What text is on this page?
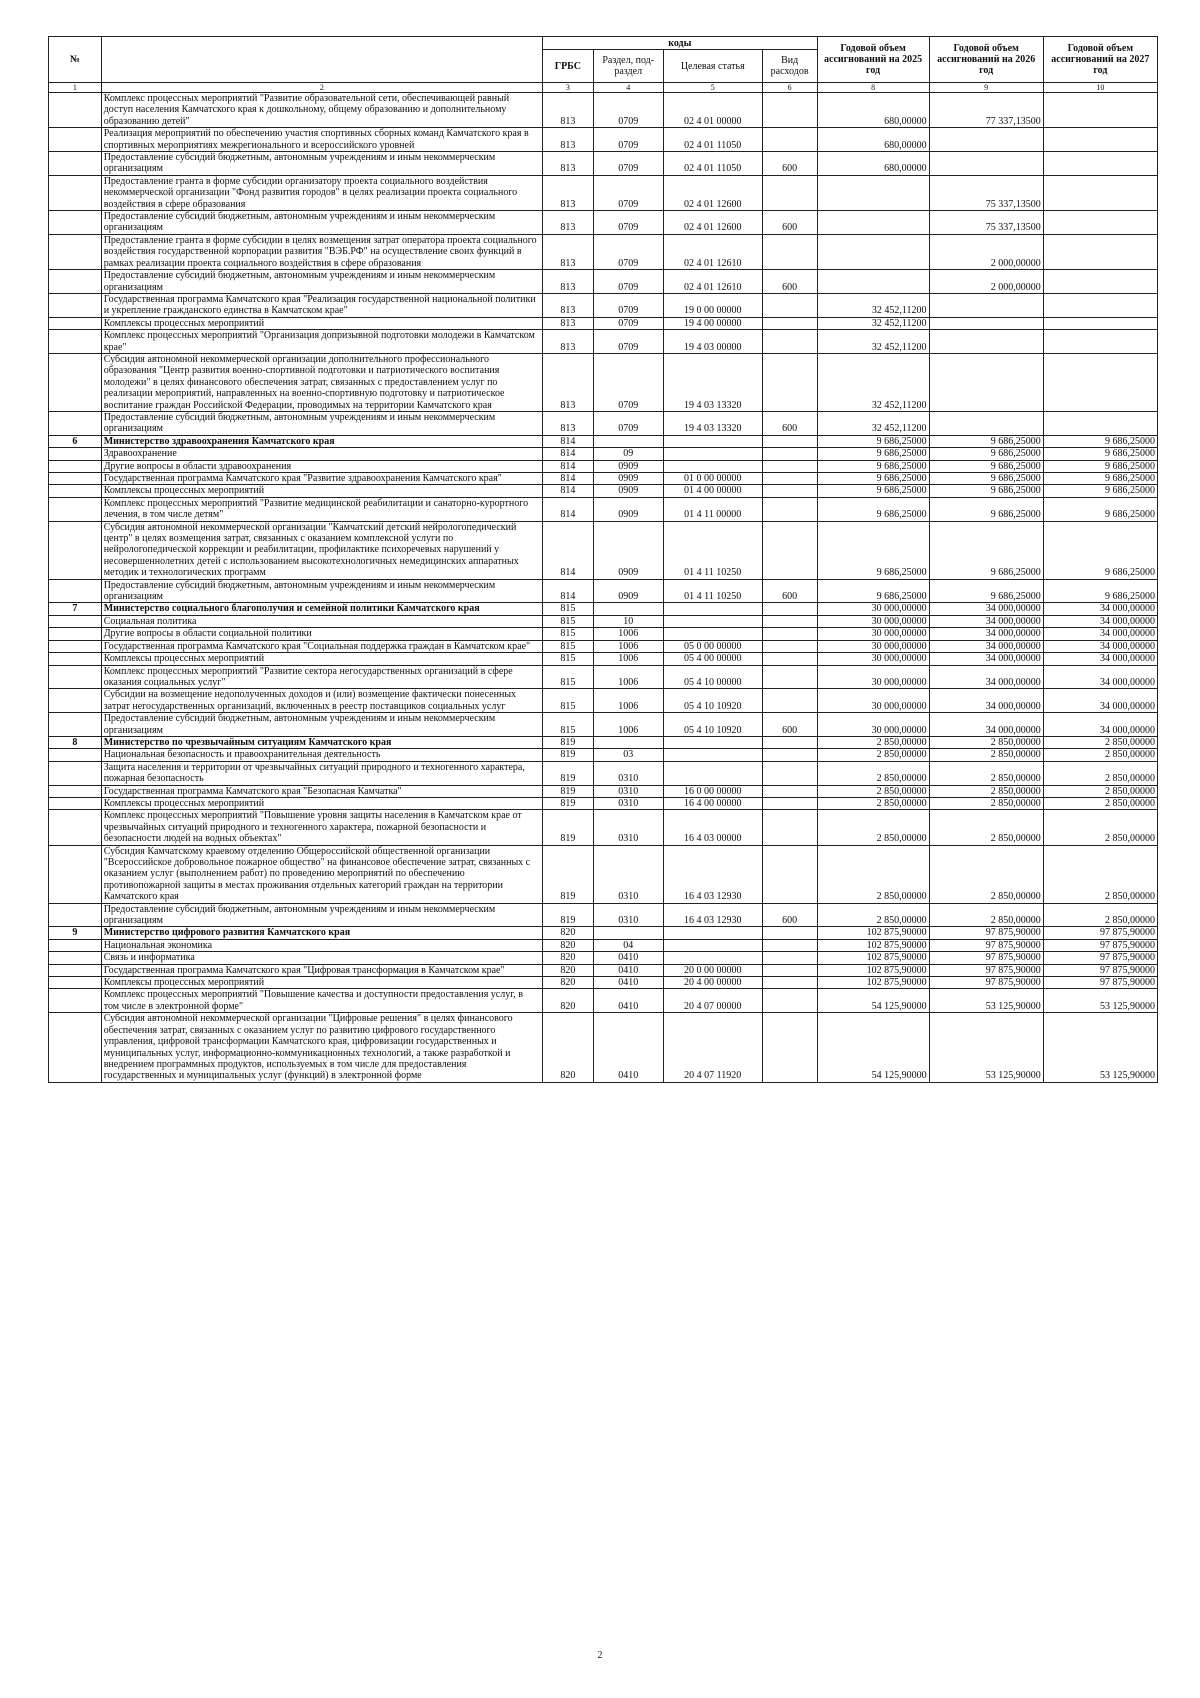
№		коды				Годовой объем ассигнований на 2025 год	Годовой объем ассигнований на 2026 год	Годовой объем ассигнований на 2027 год
		ГРБС	Раздел, под-раздел	Целевая статья	Вид расходов			
1	2	3	4	5	6	8	9	10
	Комплекс процессных мероприятий "Развитие образовательной сети, обеспечивающей равный доступ населения Камчатского края к дошкольному, общему образованию и дополнительному образованию детей"	813	0709	02 4 01 00000		680,00000	77 337,13500	
	Реализация мероприятий по обеспечению участия спортивных сборных команд Камчатского края в спортивных мероприятиях межрегионального и всероссийского уровней	813	0709	02 4 01 11050		680,00000		
	Предоставление субсидий бюджетным, автономным учреждениям и иным некоммерческим организациям	813	0709	02 4 01 11050	600	680,00000		
	Предоставление гранта в форме субсидии организатору проекта социального воздействия некоммерческой организации "Фонд развития городов" в целях реализации проекта социального воздействия в сфере образования	813	0709	02 4 01 12600			75 337,13500	
	Предоставление субсидий бюджетным, автономным учреждениям и иным некоммерческим организациям	813	0709	02 4 01 12600	600		75 337,13500	
	Предоставление гранта в форме субсидии в целях возмещения затрат оператора проекта социального воздействия государственной корпорации развития "ВЭБ.РФ" на осуществление своих функций в рамках реализации проекта социального воздействия в сфере образования	813	0709	02 4 01 12610			2 000,00000	
	Предоставление субсидий бюджетным, автономным учреждениям и иным некоммерческим организациям	813	0709	02 4 01 12610	600		2 000,00000	
	Государственная программа Камчатского края "Реализация государственной национальной политики и укрепление гражданского единства в Камчатском крае"	813	0709	19 0 00 00000		32 452,11200		
	Комплексы процессных мероприятий	813	0709	19 4 00 00000		32 452,11200		
	Комплекс процессных мероприятий "Организация допризывной подготовки молодежи в Камчатском крае"	813	0709	19 4 03 00000		32 452,11200		
	Субсидия автономной некоммерческой организации дополнительного профессионального образования "Центр развития военно-спортивной подготовки и патриотического воспитания молодежи" в целях финансового обеспечения затрат, связанных с предоставлением услуг по реализации мероприятий, направленных на военно-спортивную подготовку и патриотическое воспитание граждан Российской Федерации, проводимых на территории Камчатского края	813	0709	19 4 03 13320		32 452,11200		
	Предоставление субсидий бюджетным, автономным учреждениям и иным некоммерческим организациям	813	0709	19 4 03 13320	600	32 452,11200		
6	Министерство здравоохранения Камчатского края	814				9 686,25000	9 686,25000	9 686,25000
	Здравоохранение	814	09			9 686,25000	9 686,25000	9 686,25000
	Другие вопросы в области здравоохранения	814	0909			9 686,25000	9 686,25000	9 686,25000
	Государственная программа Камчатского края "Развитие здравоохранения Камчатского края"	814	0909	01 0 00 00000		9 686,25000	9 686,25000	9 686,25000
	Комплексы процессных мероприятий	814	0909	01 4 00 00000		9 686,25000	9 686,25000	9 686,25000
	Комплекс процессных мероприятий "Развитие медицинской реабилитации и санаторно-курортного лечения, в том числе детям"	814	0909	01 4 11 00000		9 686,25000	9 686,25000	9 686,25000
	Субсидия автономной некоммерческой организации "Камчатский детский нейрологопедический центр" в целях возмещения затрат, связанных с оказанием комплексной услуги по нейрологопедической коррекции и реабилитации, профилактике психоречевых нарушений у несовершеннолетних детей с использованием высокотехнологичных немедицинских аппаратных методик и технологических программ	814	0909	01 4 11 10250		9 686,25000	9 686,25000	9 686,25000
	Предоставление субсидий бюджетным, автономным учреждениям и иным некоммерческим организациям	814	0909	01 4 11 10250	600	9 686,25000	9 686,25000	9 686,25000
7	Министерство социального благополучия и семейной политики Камчатского края	815				30 000,00000	34 000,00000	34 000,00000
	Социальная политика	815	10			30 000,00000	34 000,00000	34 000,00000
	Другие вопросы в области социальной политики	815	1006			30 000,00000	34 000,00000	34 000,00000
	Государственная программа Камчатского края "Социальная поддержка граждан в Камчатском крае"	815	1006	05 0 00 00000		30 000,00000	34 000,00000	34 000,00000
	Комплексы процессных мероприятий	815	1006	05 4 00 00000		30 000,00000	34 000,00000	34 000,00000
	Комплекс процессных мероприятий "Развитие сектора негосударственных организаций в сфере оказания социальных услуг"	815	1006	05 4 10 00000		30 000,00000	34 000,00000	34 000,00000
	Субсидии на возмещение недополученных доходов и (или) возмещение фактически понесенных затрат негосударственных организаций, включенных в реестр поставщиков социальных услуг	815	1006	05 4 10 10920		30 000,00000	34 000,00000	34 000,00000
	Предоставление субсидий бюджетным, автономным учреждениям и иным некоммерческим организациям	815	1006	05 4 10 10920	600	30 000,00000	34 000,00000	34 000,00000
8	Министерство по чрезвычайным ситуациям Камчатского края	819				2 850,00000	2 850,00000	2 850,00000
	Национальная безопасность и правоохранительная деятельность	819	03			2 850,00000	2 850,00000	2 850,00000
	Защита населения и территории от чрезвычайных ситуаций природного и техногенного характера, пожарная безопасность	819	0310			2 850,00000	2 850,00000	2 850,00000
	Государственная программа Камчатского края "Безопасная Камчатка"	819	0310	16 0 00 00000		2 850,00000	2 850,00000	2 850,00000
	Комплексы процессных мероприятий	819	0310	16 4 00 00000		2 850,00000	2 850,00000	2 850,00000
	Комплекс процессных мероприятий "Повышение уровня защиты населения в Камчатском крае от чрезвычайных ситуаций природного и техногенного характера, пожарной безопасности и безопасности людей на водных объектах"	819	0310	16 4 03 00000		2 850,00000	2 850,00000	2 850,00000
	Субсидия Камчатскому краевому отделению Общероссийской общественной организации "Всероссийское добровольное пожарное общество" на финансовое обеспечение затрат, связанных с оказанием услуг (выполнением работ) по проведению мероприятий по обеспечению противопожарной защиты в местах проживания отдельных категорий граждан на территории Камчатского края	819	0310	16 4 03 12930		2 850,00000	2 850,00000	2 850,00000
	Предоставление субсидий бюджетным, автономным учреждениям и иным некоммерческим организациям	819	0310	16 4 03 12930	600	2 850,00000	2 850,00000	2 850,00000
9	Министерство цифрового развития Камчатского края	820				102 875,90000	97 875,90000	97 875,90000
	Национальная экономика	820	04			102 875,90000	97 875,90000	97 875,90000
	Связь и информатика	820	0410			102 875,90000	97 875,90000	97 875,90000
	Государственная программа Камчатского края "Цифровая трансформация в Камчатском крае"	820	0410	20 0 00 00000		102 875,90000	97 875,90000	97 875,90000
	Комплексы процессных мероприятий	820	0410	20 4 00 00000		102 875,90000	97 875,90000	97 875,90000
	Комплекс процессных мероприятий "Повышение качества и доступности предоставления услуг, в том числе в электронной форме"	820	0410	20 4 07 00000		54 125,90000	53 125,90000	53 125,90000
	Субсидия автономной некоммерческой организации "Цифровые решения" в целях финансового обеспечения затрат, связанных с оказанием услуг по развитию цифрового государственного управления, цифровой трансформации Камчатского края, цифровизации государственных и муниципальных услуг, информационно-коммуникационных технологий, а также разработкой и внедрением программных продуктов, используемых в том числе для предоставления государственных и муниципальных услуг (функций) в электронной форме	820	0410	20 4 07 11920		54 125,90000	53 125,90000	53 125,90000
2
